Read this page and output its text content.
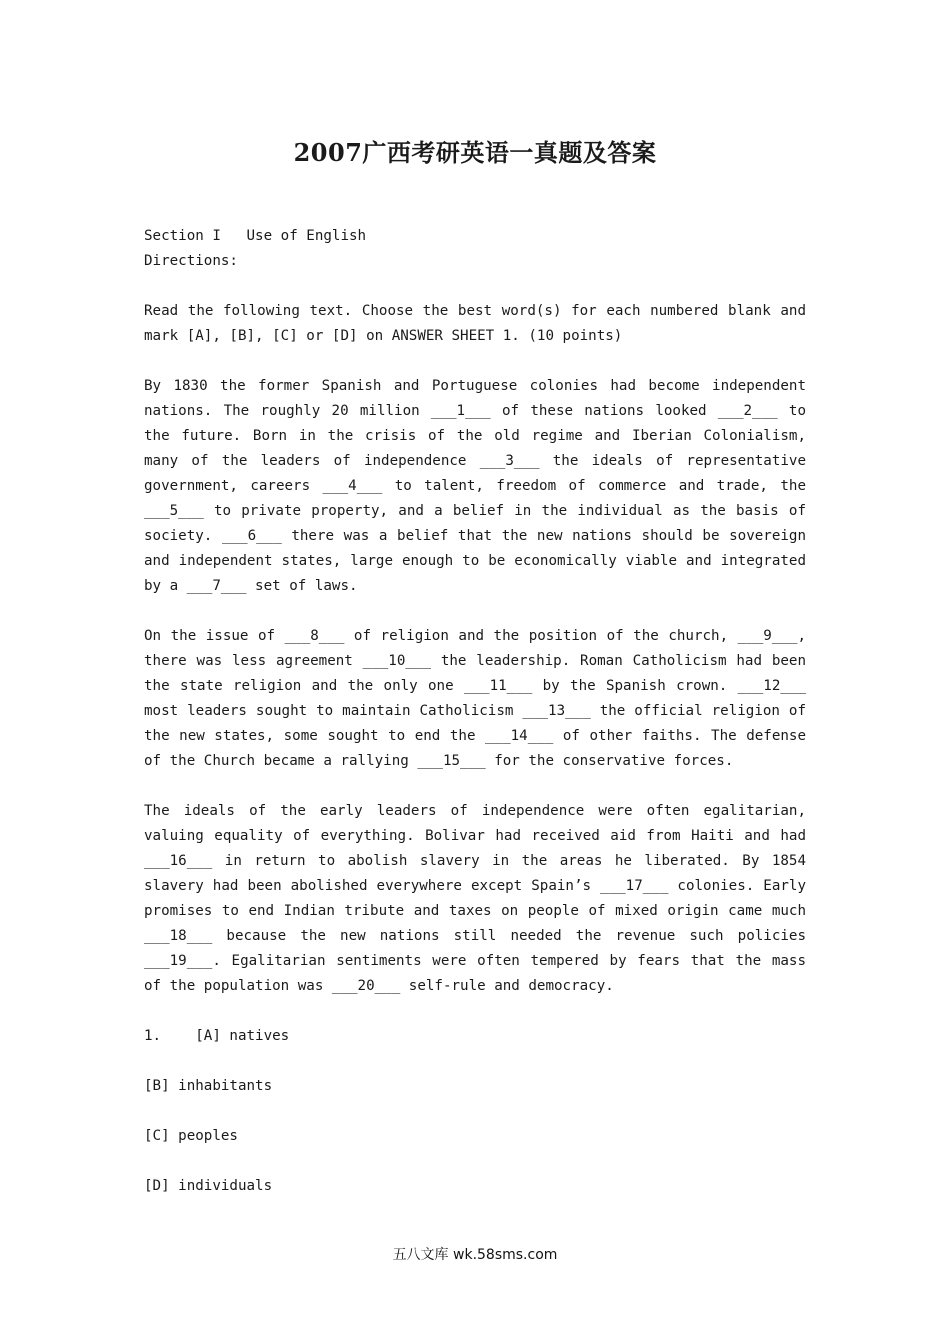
2007广西考研英语一真题及答案

Section I   Use of English

Directions:

Read the following text. Choose the best word(s) for each numbered blank and mark [A], [B], [C] or [D] on ANSWER SHEET 1. (10 points)

By 1830 the former Spanish and Portuguese colonies had become independent nations. The roughly 20 million ___1___ of these nations looked ___2___ to the future. Born in the crisis of the old regime and Iberian Colonialism, many of the leaders of independence ___3___ the ideals of representative government, careers ___4___ to talent, freedom of commerce and trade, the ___5___ to private property, and a belief in the individual as the basis of society. ___6___ there was a belief that the new nations should be sovereign and independent states, large enough to be economically viable and integrated by a ___7___ set of laws.

On the issue of ___8___ of religion and the position of the church, ___9___, there was less agreement ___10___ the leadership. Roman Catholicism had been the state religion and the only one ___11___ by the Spanish crown. ___12___ most leaders sought to maintain Catholicism ___13___ the official religion of the new states, some sought to end the ___14___ of other faiths. The defense of the Church became a rallying ___15___ for the conservative forces.

The ideals of the early leaders of independence were often egalitarian, valuing equality of everything. Bolivar had received aid from Haiti and had ___16___ in return to abolish slavery in the areas he liberated. By 1854 slavery had been abolished everywhere except Spain’s ___17___ colonies. Early promises to end Indian tribute and taxes on people of mixed origin came much ___18___ because the new nations still needed the revenue such policies ___19___. Egalitarian sentiments were often tempered by fears that the mass of the population was ___20___ self-rule and democracy.

1. [A] natives
[B] inhabitants
[C] peoples
[D] individuals
五八文库 wk.58sms.com
